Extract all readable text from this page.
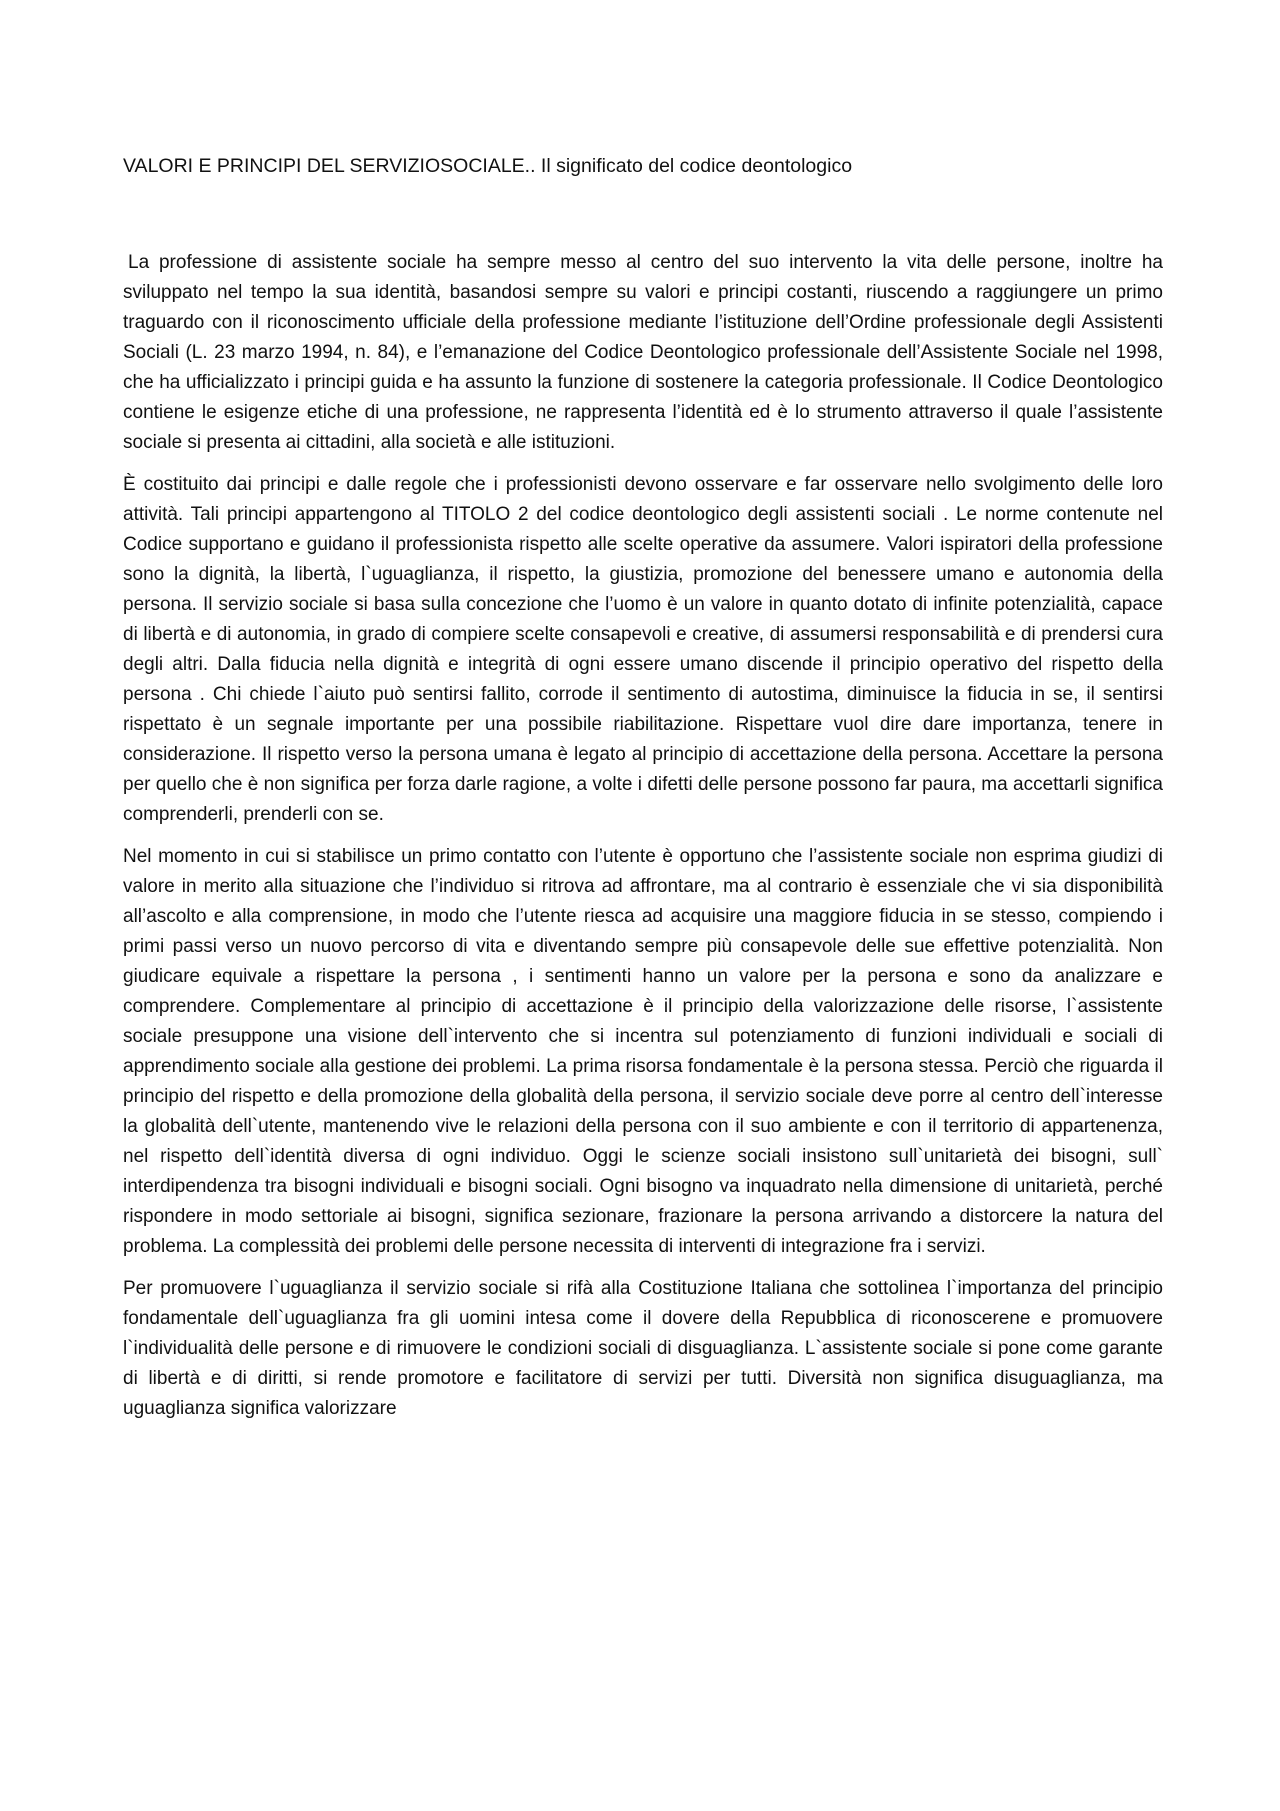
VALORI E PRINCIPI DEL SERVIZIOSOCIALE.. Il significato del codice deontologico

La professione di assistente sociale ha sempre messo al centro del suo intervento la vita delle persone, inoltre ha sviluppato nel tempo la sua identità, basandosi sempre su valori e principi costanti, riuscendo a raggiungere un primo traguardo con il riconoscimento ufficiale della professione mediante l’istituzione dell’Ordine professionale degli Assistenti Sociali (L. 23 marzo 1994, n. 84), e l’emanazione del Codice Deontologico professionale dell’Assistente Sociale nel 1998, che ha ufficializzato i principi guida e ha assunto la funzione di sostenere la categoria professionale. Il Codice Deontologico contiene le esigenze etiche di una professione, ne rappresenta l’identità ed è lo strumento attraverso il quale l’assistente sociale si presenta ai cittadini, alla società e alle istituzioni.

È costituito dai principi e dalle regole che i professionisti devono osservare e far osservare nello svolgimento delle loro attività. Tali principi appartengono al TITOLO 2 del codice deontologico degli assistenti sociali . Le norme contenute nel Codice supportano e guidano il professionista rispetto alle scelte operative da assumere. Valori ispiratori della professione sono la dignità, la libertà, l`uguaglianza, il rispetto, la giustizia, promozione del benessere umano e autonomia della persona. Il servizio sociale si basa sulla concezione che l’uomo è un valore in quanto dotato di infinite potenzialità, capace di libertà e di autonomia, in grado di compiere scelte consapevoli e creative, di assumersi responsabilità e di prendersi cura degli altri. Dalla fiducia nella dignità e integrità di ogni essere umano discende il principio operativo del rispetto della persona . Chi chiede l`aiuto può sentirsi fallito, corrode il sentimento di autostima, diminuisce la fiducia in se, il sentirsi rispettato è un segnale importante per una possibile riabilitazione. Rispettare vuol dire dare importanza, tenere in considerazione. Il rispetto verso la persona umana è legato al principio di accettazione della persona. Accettare la persona per quello che è non significa per forza darle ragione, a volte i difetti delle persone possono far paura, ma accettarli significa comprenderli, prenderli con se.

Nel momento in cui si stabilisce un primo contatto con l’utente è opportuno che l’assistente sociale non esprima giudizi di valore in merito alla situazione che l’individuo si ritrova ad affrontare, ma al contrario è essenziale che vi sia disponibilità all’ascolto e alla comprensione, in modo che l’utente riesca ad acquisire una maggiore fiducia in se stesso, compiendo i primi passi verso un nuovo percorso di vita e diventando sempre più consapevole delle sue effettive potenzialità. Non giudicare equivale a rispettare la persona , i sentimenti hanno un valore per la persona e sono da analizzare e comprendere. Complementare al principio di accettazione è il principio della valorizzazione delle risorse, l`assistente sociale presuppone una visione dell`intervento che si incentra sul potenziamento di funzioni individuali e sociali di apprendimento sociale alla gestione dei problemi. La prima risorsa fondamentale è la persona stessa. Perciò che riguarda il principio del rispetto e della promozione della globalità della persona, il servizio sociale deve porre al centro dell`interesse la globalità dell`utente, mantenendo vive le relazioni della persona con il suo ambiente e con il territorio di appartenenza, nel rispetto dell`identità diversa di ogni individuo. Oggi le scienze sociali insistono sull`unitarietà dei bisogni, sull` interdipendenza tra bisogni individuali e bisogni sociali. Ogni bisogno va inquadrato nella dimensione di unitarietà, perché rispondere in modo settoriale ai bisogni, significa sezionare, frazionare la persona arrivando a distorcere la natura del problema. La complessità dei problemi delle persone necessita di interventi di integrazione fra i servizi.

Per promuovere l`uguaglianza il servizio sociale si rifà alla Costituzione Italiana che sottolinea l`importanza del principio fondamentale dell`uguaglianza fra gli uomini intesa come il dovere della Repubblica di riconoscerene e promuovere l`individualità delle persone e di rimuovere le condizioni sociali di disguaglianza. L`assistente sociale si pone come garante di libertà e di diritti, si rende promotore e facilitatore di servizi per tutti. Diversità non significa disuguaglianza, ma uguaglianza significa valorizzare
